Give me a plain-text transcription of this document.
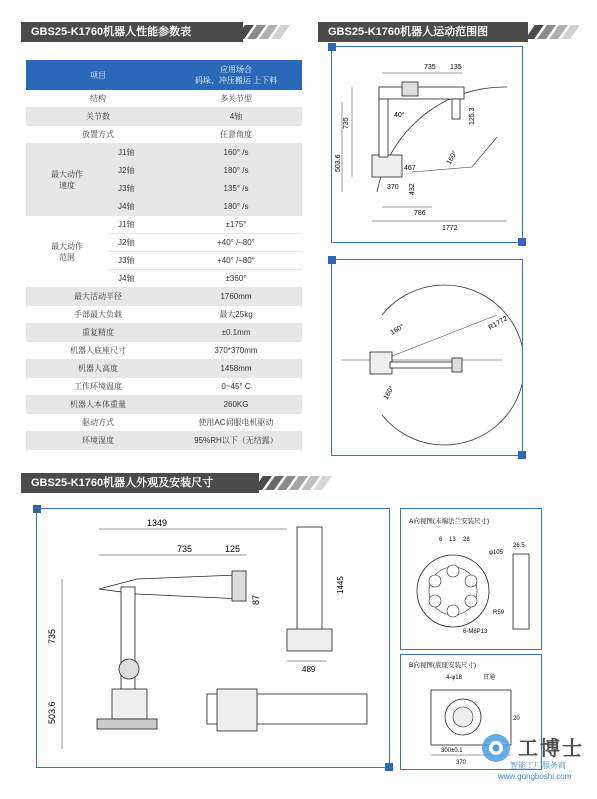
GBS25-K1760机器人性能参数表	GBS25-K1760机器人运动范围图
项目		应用场合
码垛、冲压搬运 上下料

结构		多关节型
关节数		4轴
放置方式		任意角度

最大动作
速度	J1轴	160° /s
	J2轴	180° /s
	J3轴	135° /s
	J4轴	180° /s

最大动作
范围	J1轴	±175°
	J2轴	+40° /–80°
	J3轴	+40° /–80°
	J4轴	±360°
最大活动半径		1760mm
手部最大负载		最大25kg
重复精度		±0.1mm
机器人底座尺寸		370*370mm
机器人高度		1458mm
工作环境温度		0~45° C
机器人本体重量		260KG
驱动方式		使用AC伺服电机驱动
环境湿度		95%RH以下（无结露）
735 135
735
503.6	467
370 432
125.3
786
1772
160°
40°
160°
160°
R1772
GBS25-K1760机器人外观及安装尺寸
1349
735	125
87
735
503.6
1445
489
A向视图(末端法兰安装尺寸)
6 13 28
φ105
26.5
R59
6-M6P13
B向视图(底座安装尺寸)
4-φ18	贯通
300±0.1
370
20
工博士
智能工厂服务商
www.gongboshi.com
